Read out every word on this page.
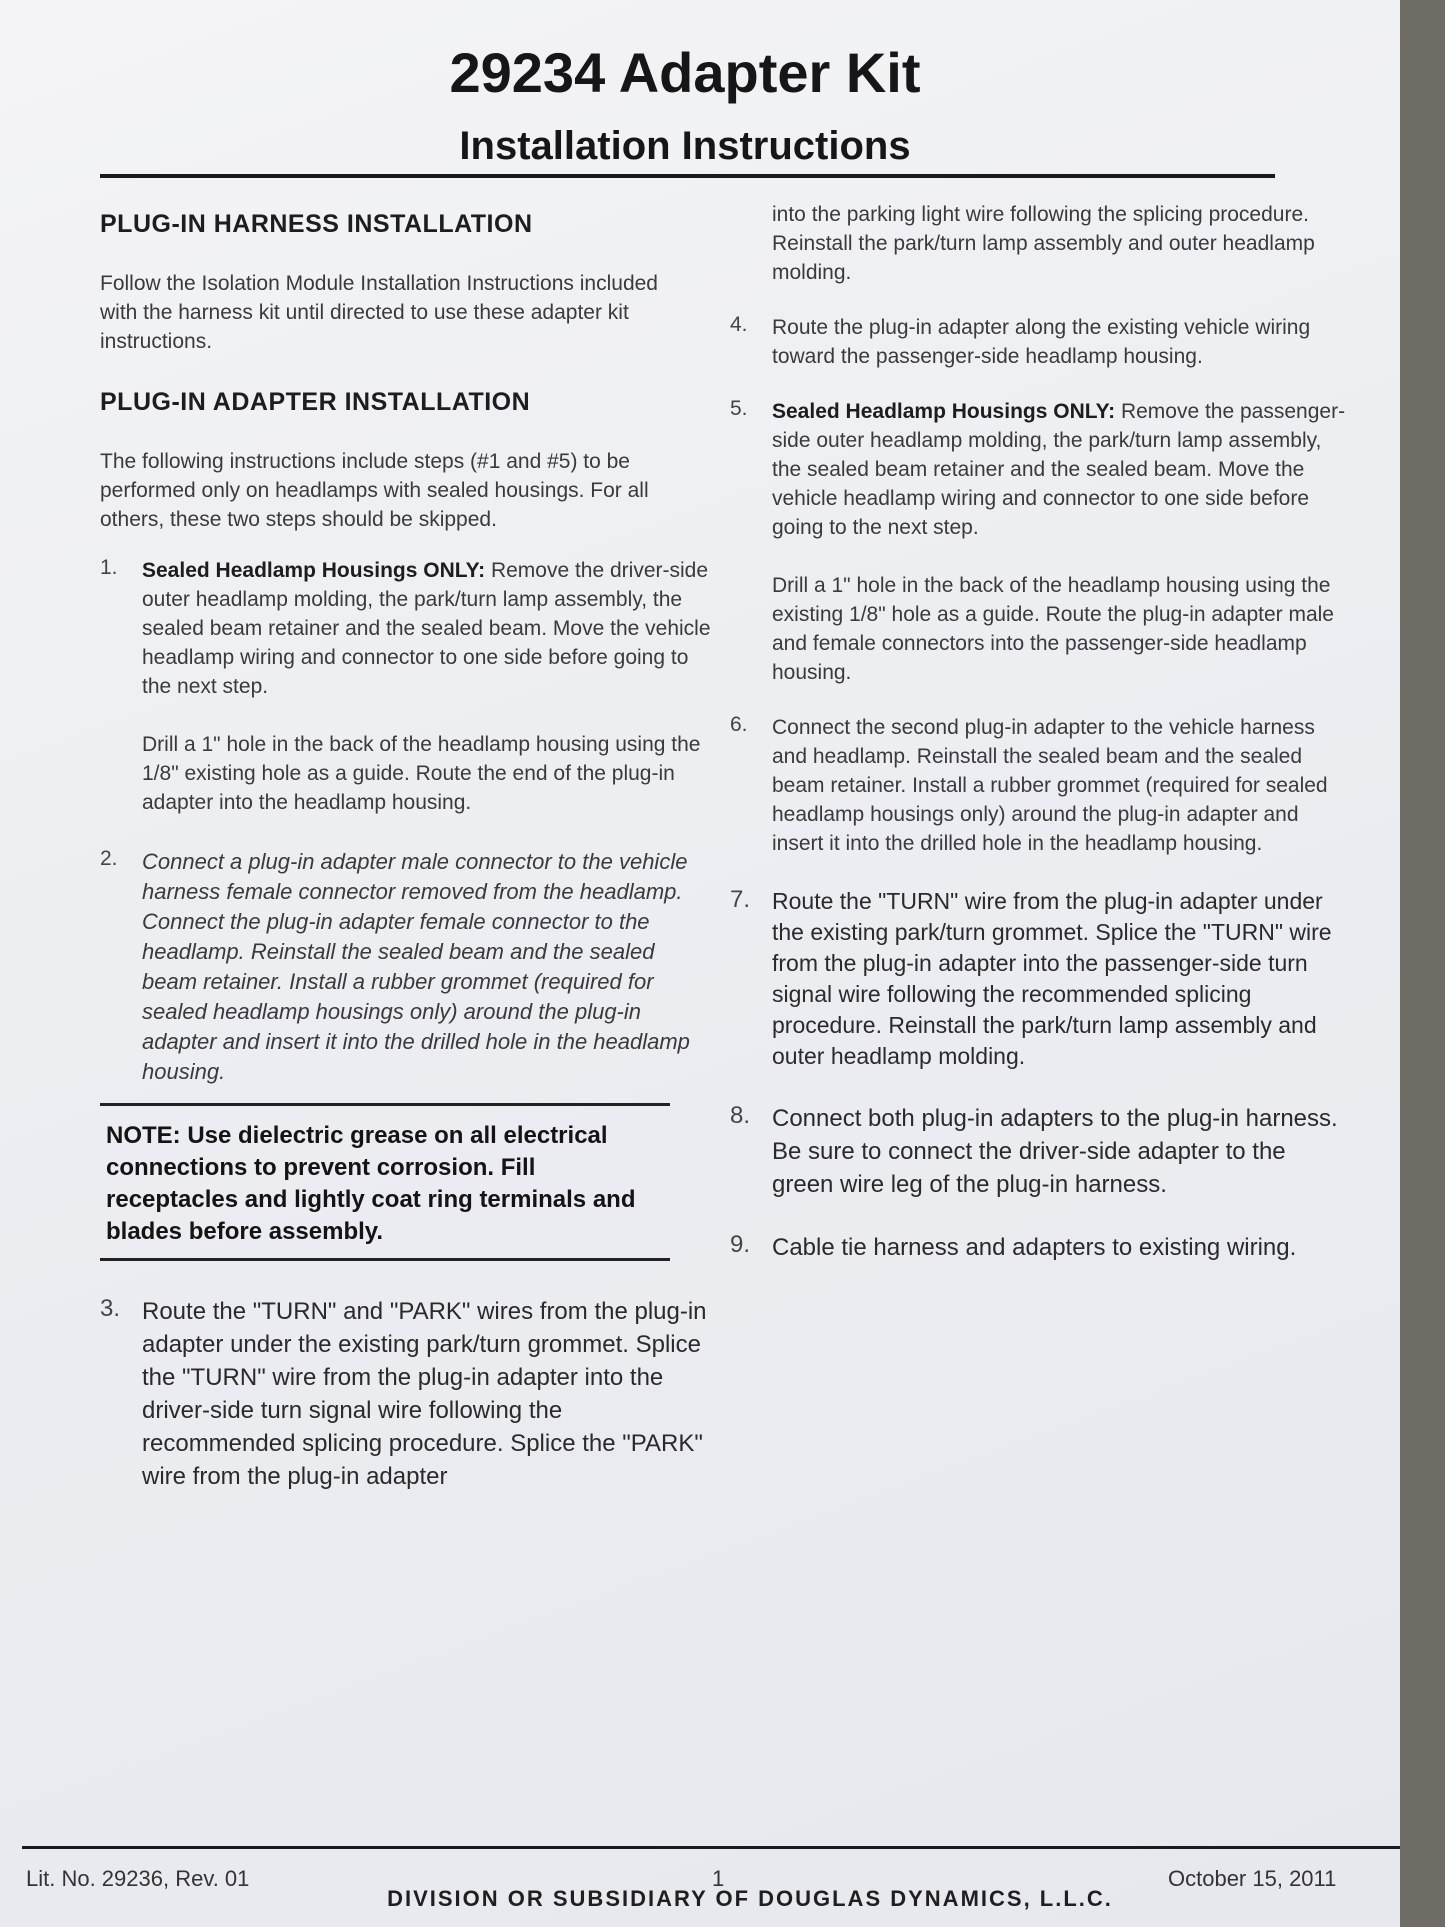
29234 Adapter Kit
Installation Instructions
PLUG-IN HARNESS INSTALLATION

Follow the Isolation Module Installation Instructions included with the harness kit until directed to use these adapter kit instructions.

PLUG-IN ADAPTER INSTALLATION

The following instructions include steps (#1 and #5) to be performed only on headlamps with sealed housings. For all others, these two steps should be skipped.

1. Sealed Headlamp Housings ONLY: Remove the driver-side outer headlamp molding, the park/turn lamp assembly, the sealed beam retainer and the sealed beam. Move the vehicle headlamp wiring and connector to one side before going to the next step.

Drill a 1" hole in the back of the headlamp housing using the 1/8" existing hole as a guide. Route the end of the plug-in adapter into the headlamp housing.

2. Connect a plug-in adapter male connector to the vehicle harness female connector removed from the headlamp. Connect the plug-in adapter female connector to the headlamp. Reinstall the sealed beam and the sealed beam retainer. Install a rubber grommet (required for sealed headlamp housings only) around the plug-in adapter and insert it into the drilled hole in the headlamp housing.

NOTE: Use dielectric grease on all electrical connections to prevent corrosion. Fill receptacles and lightly coat ring terminals and blades before assembly.
3. Route the "TURN" and "PARK" wires from the plug-in adapter under the existing park/turn grommet. Splice the "TURN" wire from the plug-in adapter into the driver-side turn signal wire following the recommended splicing procedure. Splice the "PARK" wire from the plug-in adapter

into the parking light wire following the splicing procedure. Reinstall the park/turn lamp assembly and outer headlamp molding.

4. Route the plug-in adapter along the existing vehicle wiring toward the passenger-side headlamp housing.

5. Sealed Headlamp Housings ONLY: Remove the passenger-side outer headlamp molding, the park/turn lamp assembly, the sealed beam retainer and the sealed beam. Move the vehicle headlamp wiring and connector to one side before going to the next step.

Drill a 1" hole in the back of the headlamp housing using the existing 1/8" hole as a guide. Route the plug-in adapter male and female connectors into the passenger-side headlamp housing.

6. Connect the second plug-in adapter to the vehicle harness and headlamp. Reinstall the sealed beam and the sealed beam retainer. Install a rubber grommet (required for sealed headlamp housings only) around the plug-in adapter and insert it into the drilled hole in the headlamp housing.

7. Route the "TURN" wire from the plug-in adapter under the existing park/turn grommet. Splice the "TURN" wire from the plug-in adapter into the passenger-side turn signal wire following the recommended splicing procedure. Reinstall the park/turn lamp assembly and outer headlamp molding.

8. Connect both plug-in adapters to the plug-in harness. Be sure to connect the driver-side adapter to the green wire leg of the plug-in harness.

9. Cable tie harness and adapters to existing wiring.

Lit. No. 29236, Rev. 01	1	October 15, 2011
DIVISION OR SUBSIDIARY OF DOUGLAS DYNAMICS, L.L.C.
